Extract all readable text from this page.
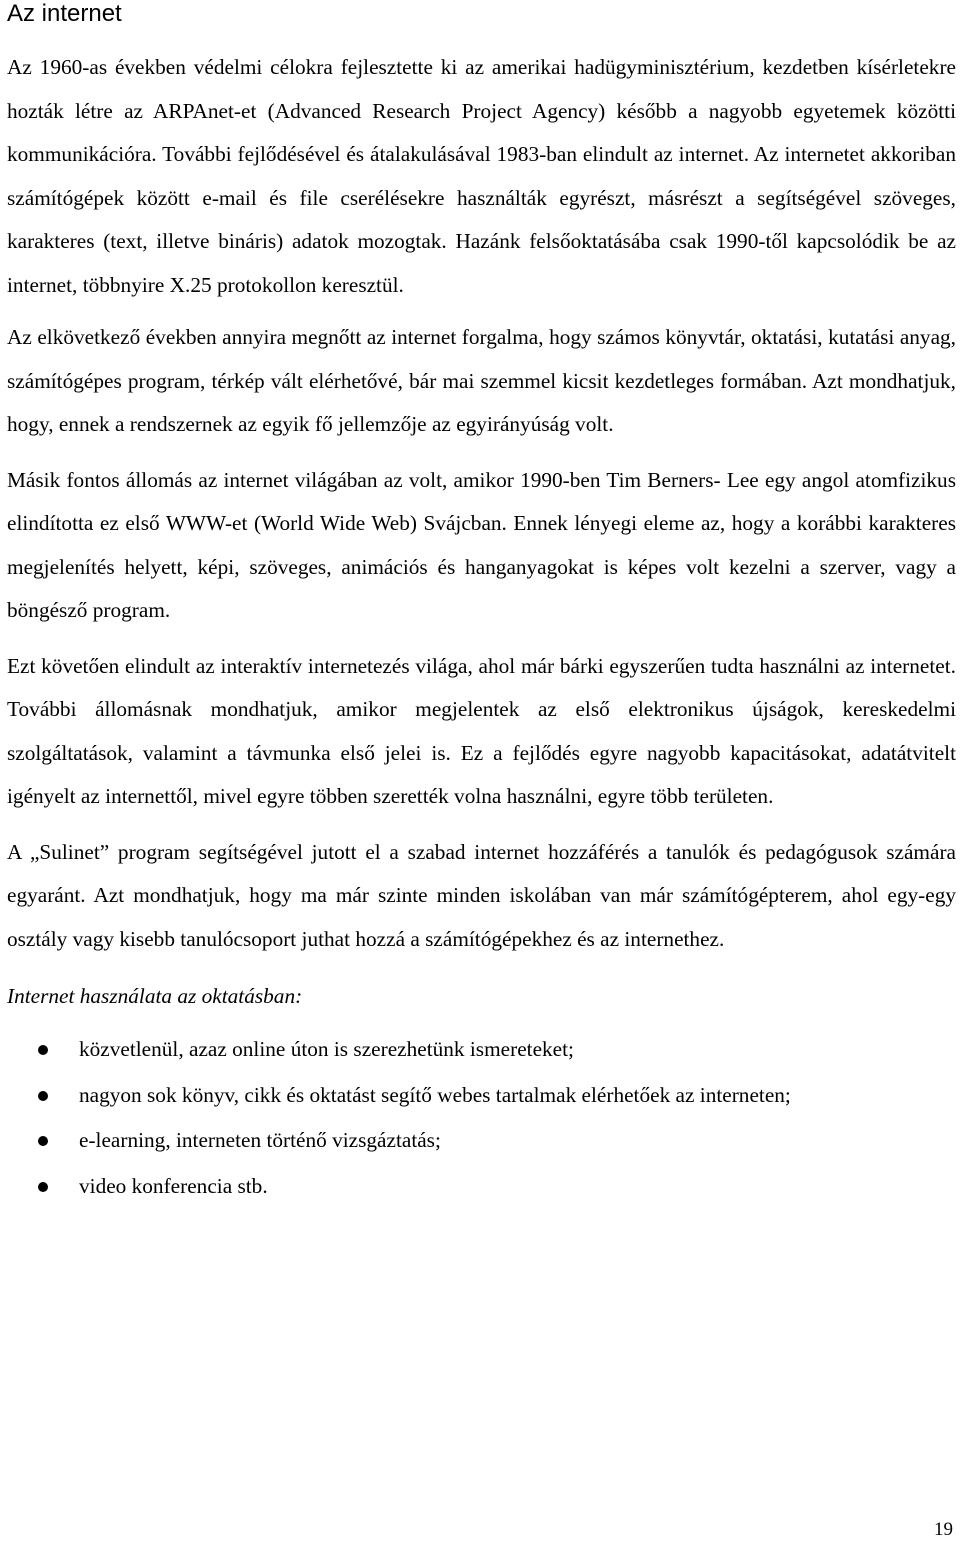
Az internet

Az 1960-as években védelmi célokra fejlesztette ki az amerikai hadügyminisztérium, kezdetben kísérletekre hozták létre az ARPAnet-et (Advanced Research Project Agency) később a nagyobb egyetemek közötti kommunikációra. További fejlődésével és átalakulásával 1983-ban elindult az internet. Az internetet akkoriban számítógépek között e-mail és file cserélésekre használták egyrészt, másrészt a segítségével szöveges, karakteres (text, illetve bináris) adatok mozogtak. Hazánk felsőoktatásába csak 1990-től kapcsolódik be az internet, többnyire X.25 protokollon keresztül.

Az elkövetkező években annyira megnőtt az internet forgalma, hogy számos könyvtár, oktatási, kutatási anyag, számítógépes program, térkép vált elérhetővé, bár mai szemmel kicsit kezdetleges formában. Azt mondhatjuk, hogy, ennek a rendszernek az egyik fő jellemzője az egyirányúság volt.

Másik fontos állomás az internet világában az volt, amikor 1990-ben Tim Berners- Lee egy angol atomfizikus elindította ez első WWW-et (World Wide Web) Svájcban. Ennek lényegi eleme az, hogy a korábbi karakteres megjelenítés helyett, képi, szöveges, animációs és hanganyagokat is képes volt kezelni a szerver, vagy a böngésző program.

Ezt követően elindult az interaktív internetezés világa, ahol már bárki egyszerűen tudta használni az internetet. További állomásnak mondhatjuk, amikor megjelentek az első elektronikus újságok, kereskedelmi szolgáltatások, valamint a távmunka első jelei is. Ez a fejlődés egyre nagyobb kapacitásokat, adatátvitelt igényelt az internettől, mivel egyre többen szerették volna használni, egyre több területen.

A „Sulinet” program segítségével jutott el a szabad internet hozzáférés a tanulók és pedagógusok számára egyaránt. Azt mondhatjuk, hogy ma már szinte minden iskolában van már számítógépterem, ahol egy-egy osztály vagy kisebb tanulócsoport juthat hozzá a számítógépekhez és az internethez.

Internet használata az oktatásban:

közvetlenül, azaz online úton is szerezhetünk ismereteket;
nagyon sok könyv, cikk és oktatást segítő webes tartalmak elérhetőek az interneten;
e-learning, interneten történő vizsgáztatás;
video konferencia stb.
19
